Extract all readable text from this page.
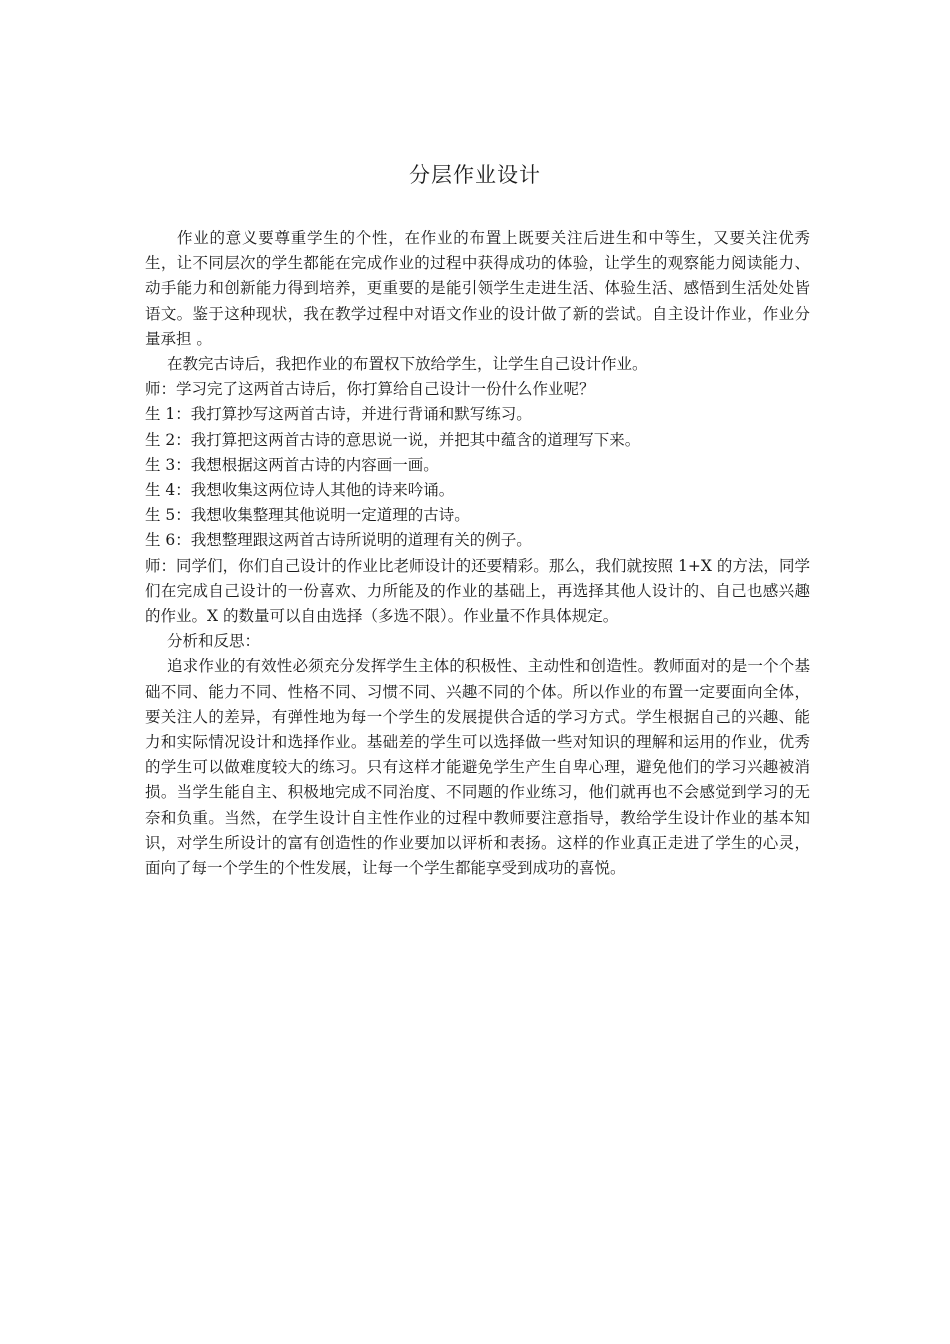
分层作业设计

作业的意义要尊重学生的个性，在作业的布置上既要关注后进生和中等生，又要关注优秀生，让不同层次的学生都能在完成作业的过程中获得成功的体验，让学生的观察能力阅读能力、动手能力和创新能力得到培养，更重要的是能引领学生走进生活、体验生活、感悟到生活处处皆语文。鉴于这种现状，我在教学过程中对语文作业的设计做了新的尝试。自主设计作业，作业分量承担 。

在教完古诗后，我把作业的布置权下放给学生，让学生自己设计作业。

师：学习完了这两首古诗后，你打算给自己设计一份什么作业呢？

生 1：我打算抄写这两首古诗，并进行背诵和默写练习。

生 2：我打算把这两首古诗的意思说一说，并把其中蕴含的道理写下来。

生 3：我想根据这两首古诗的内容画一画。

生 4：我想收集这两位诗人其他的诗来吟诵。

生 5：我想收集整理其他说明一定道理的古诗。

生 6：我想整理跟这两首古诗所说明的道理有关的例子。

师：同学们，你们自己设计的作业比老师设计的还要精彩。那么，我们就按照 1+X 的方法，同学们在完成自己设计的一份喜欢、力所能及的作业的基础上，再选择其他人设计的、自己也感兴趣的作业。X 的数量可以自由选择（多选不限）。作业量不作具体规定。

分析和反思：

追求作业的有效性必须充分发挥学生主体的积极性、主动性和创造性。教师面对的是一个个基础不同、能力不同、性格不同、习惯不同、兴趣不同的个体。所以作业的布置一定要面向全体，要关注人的差异，有弹性地为每一个学生的发展提供合适的学习方式。学生根据自己的兴趣、能力和实际情况设计和选择作业。基础差的学生可以选择做一些对知识的理解和运用的作业，优秀的学生可以做难度较大的练习。只有这样才能避免学生产生自卑心理，避免他们的学习兴趣被消损。当学生能自主、积极地完成不同治度、不同题的作业练习，他们就再也不会感觉到学习的无奈和负重。当然，在学生设计自主性作业的过程中教师要注意指导，教给学生设计作业的基本知识，对学生所设计的富有创造性的作业要加以评析和表扬。这样的作业真正走进了学生的心灵，面向了每一个学生的个性发展，让每一个学生都能享受到成功的喜悦。
